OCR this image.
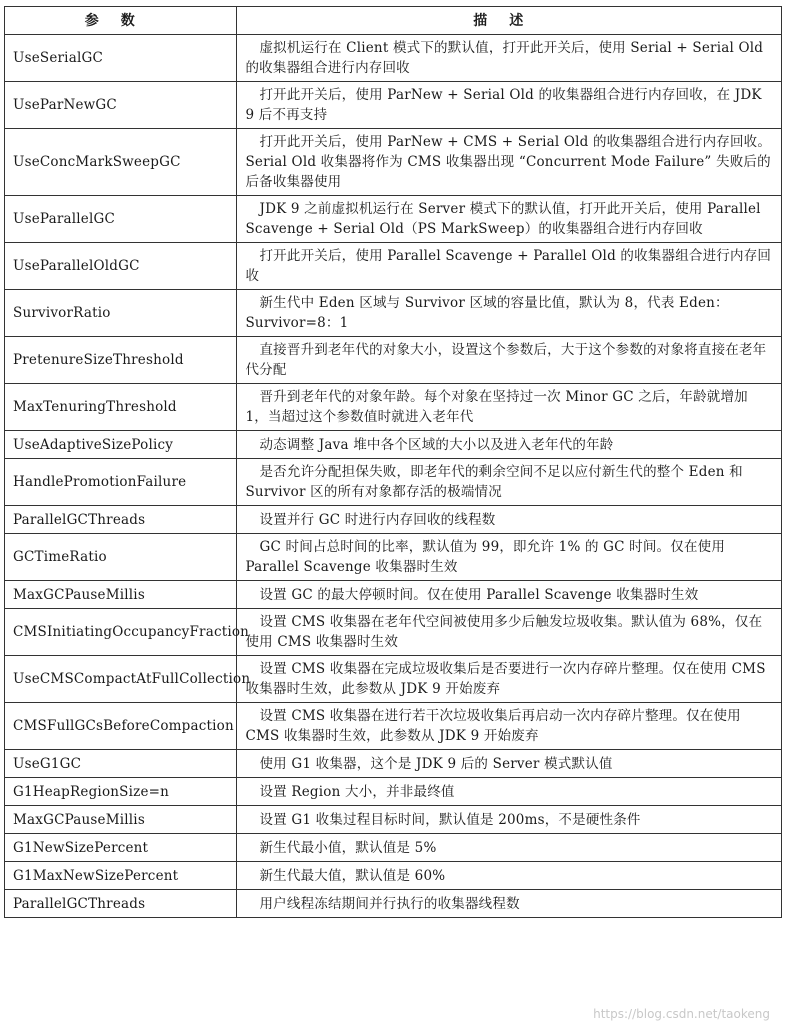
参数	描述
UseSerialGC	虚拟机运行在 Client 模式下的默认值，打开此开关后，使用 Serial + Serial Old 的收集器组合进行内存回收
UseParNewGC	打开此开关后，使用 ParNew + Serial Old 的收集器组合进行内存回收，在 JDK 9 后不再支持
UseConcMarkSweepGC	打开此开关后，使用 ParNew + CMS + Serial Old 的收集器组合进行内存回收。Serial Old 收集器将作为 CMS 收集器出现 “Concurrent Mode Failure” 失败后的后备收集器使用
UseParallelGC	JDK 9 之前虚拟机运行在 Server 模式下的默认值，打开此开关后，使用 Parallel Scavenge + Serial Old（PS MarkSweep）的收集器组合进行内存回收
UseParallelOldGC	打开此开关后，使用 Parallel Scavenge + Parallel Old 的收集器组合进行内存回收
SurvivorRatio	新生代中 Eden 区域与 Survivor 区域的容量比值，默认为 8，代表 Eden：Survivor=8：1
PretenureSizeThreshold	直接晋升到老年代的对象大小，设置这个参数后，大于这个参数的对象将直接在老年代分配
MaxTenuringThreshold	晋升到老年代的对象年龄。每个对象在坚持过一次 Minor GC 之后，年龄就增加 1，当超过这个参数值时就进入老年代
UseAdaptiveSizePolicy	动态调整 Java 堆中各个区域的大小以及进入老年代的年龄
HandlePromotionFailure	是否允许分配担保失败，即老年代的剩余空间不足以应付新生代的整个 Eden 和 Survivor 区的所有对象都存活的极端情况
ParallelGCThreads	设置并行 GC 时进行内存回收的线程数
GCTimeRatio	GC 时间占总时间的比率，默认值为 99，即允许 1% 的 GC 时间。仅在使用 Parallel Scavenge 收集器时生效
MaxGCPauseMillis	设置 GC 的最大停顿时间。仅在使用 Parallel Scavenge 收集器时生效
CMSInitiatingOccupancyFraction	设置 CMS 收集器在老年代空间被使用多少后触发垃圾收集。默认值为 68%，仅在使用 CMS 收集器时生效
UseCMSCompactAtFullCollection	设置 CMS 收集器在完成垃圾收集后是否要进行一次内存碎片整理。仅在使用 CMS 收集器时生效，此参数从 JDK 9 开始废弃
CMSFullGCsBeforeCompaction	设置 CMS 收集器在进行若干次垃圾收集后再启动一次内存碎片整理。仅在使用 CMS 收集器时生效，此参数从 JDK 9 开始废弃
UseG1GC	使用 G1 收集器，这个是 JDK 9 后的 Server 模式默认值
G1HeapRegionSize=n	设置 Region 大小，并非最终值
MaxGCPauseMillis	设置 G1 收集过程目标时间，默认值是 200ms，不是硬性条件
G1NewSizePercent	新生代最小值，默认值是 5%
G1MaxNewSizePercent	新生代最大值，默认值是 60%
ParallelGCThreads	用户线程冻结期间并行执行的收集器线程数
https://blog.csdn.net/taokeng
